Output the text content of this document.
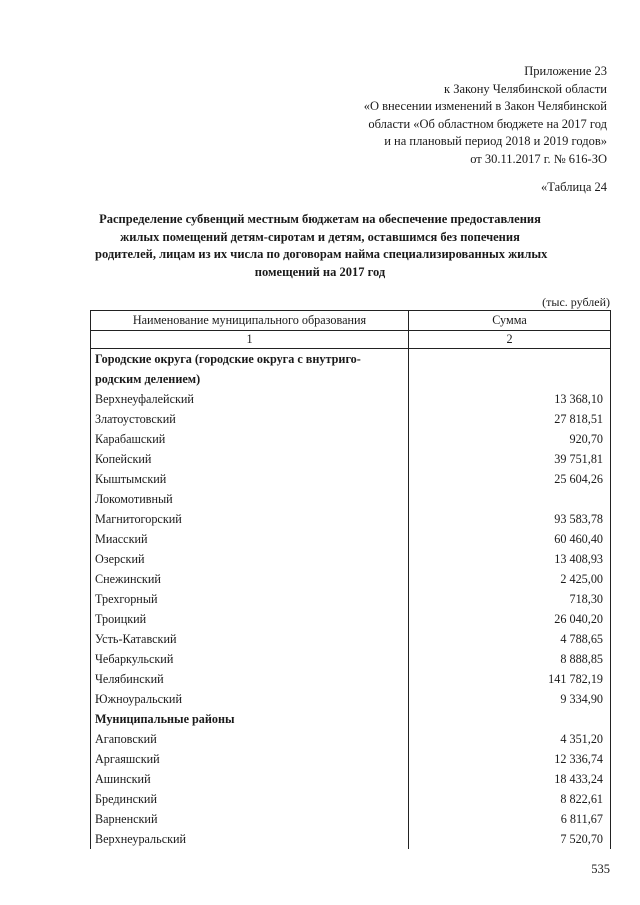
Приложение 23
к Закону Челябинской области
«О внесении изменений в Закон Челябинской
области «Об областном бюджете на 2017 год
и на плановый период 2018 и 2019 годов»
от 30.11.2017 г. № 616-ЗО
«Таблица 24
Распределение субвенций местным бюджетам на обеспечение предоставления
жилых помещений детям-сиротам и детям, оставшимся без попечения
родителей, лицам из их числа по договорам найма специализированных жилых
помещений на 2017 год
(тыс. рублей)
Наименование муниципального образования	Сумма
1	2
Городские округа (городские округа с внутриго-	
родским делением)	
Верхнеуфалейский	13 368,10
Златоустовский	27 818,51
Карабашский	920,70
Копейский	39 751,81
Кыштымский	25 604,26
Локомотивный	
Магнитогорский	93 583,78
Миасский	60 460,40
Озерский	13 408,93
Снежинский	2 425,00
Трехгорный	718,30
Троицкий	26 040,20
Усть-Катавский	4 788,65
Чебаркульский	8 888,85
Челябинский	141 782,19
Южноуральский	9 334,90
Муниципальные районы	
Агаповский	4 351,20
Аргаяшский	12 336,74
Ашинский	18 433,24
Брединский	8 822,61
Варненский	6 811,67
Верхнеуральский	7 520,70
535
